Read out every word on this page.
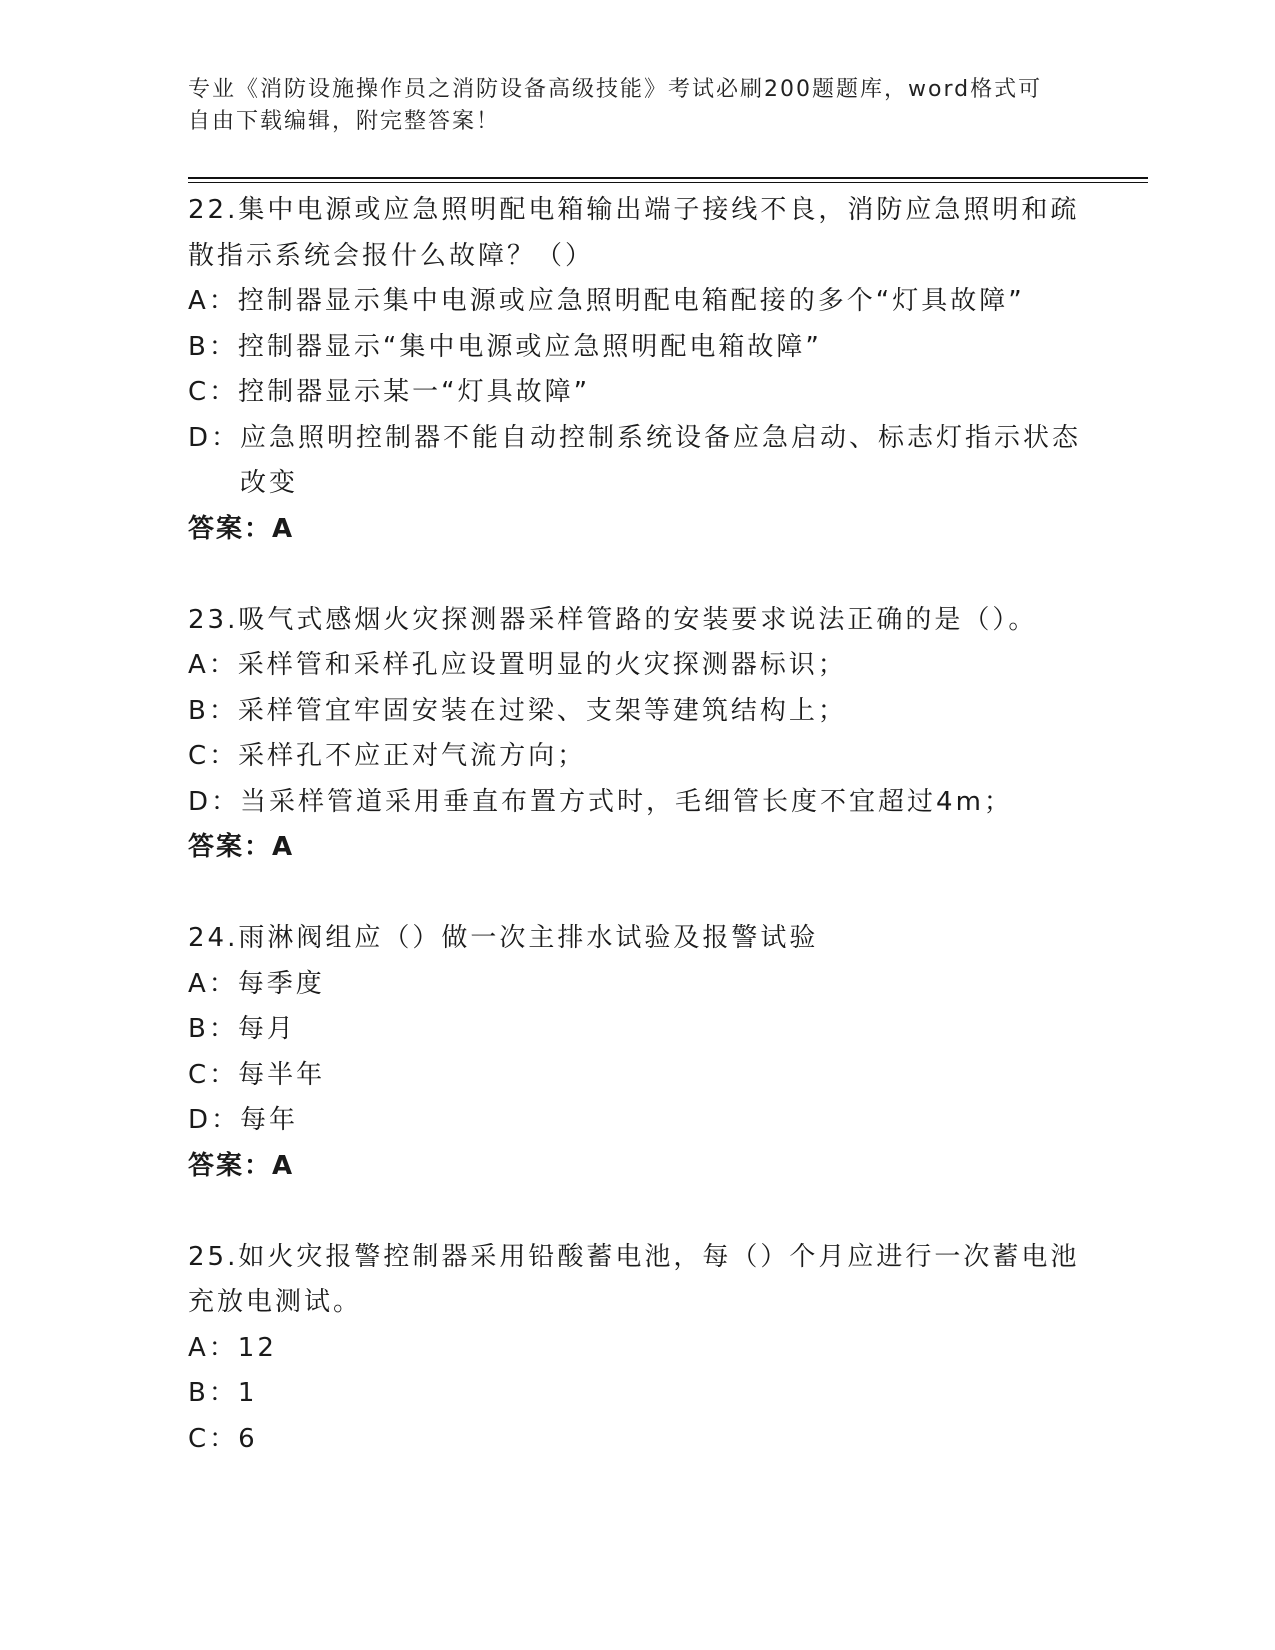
专业《消防设施操作员之消防设备高级技能》考试必刷200题题库，word格式可
自由下载编辑，附完整答案！
22.集中电源或应急照明配电箱输出端子接线不良，消防应急照明和疏散指示系统会报什么故障？（）
A： 控制器显示集中电源或应急照明配电箱配接的多个“灯具故障”
B： 控制器显示“集中电源或应急照明配电箱故障”
C： 控制器显示某一“灯具故障”
D： 应急照明控制器不能自动控制系统设备应急启动、标志灯指示状态改变
答案：A
23.吸气式感烟火灾探测器采样管路的安装要求说法正确的是（）。
A： 采样管和采样孔应设置明显的火灾探测器标识；
B： 采样管宜牢固安装在过梁、支架等建筑结构上；
C： 采样孔不应正对气流方向；
D： 当采样管道采用垂直布置方式时，毛细管长度不宜超过4m；
答案：A
24.雨淋阀组应（）做一次主排水试验及报警试验
A： 每季度
B： 每月
C： 每半年
D： 每年
答案：A
25.如火灾报警控制器采用铅酸蓄电池，每（）个月应进行一次蓄电池充放电测试。
A： 12
B： 1
C： 6
